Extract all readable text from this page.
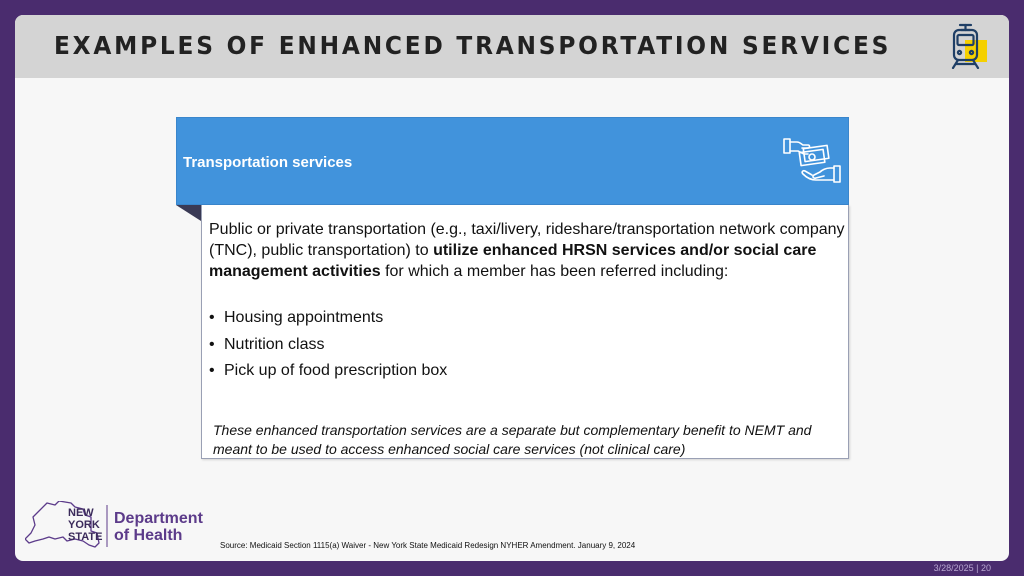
EXAMPLES OF ENHANCED TRANSPORTATION SERVICES
Transportation services
Public or private transportation (e.g., taxi/livery, rideshare/transportation network company (TNC), public transportation) to utilize enhanced HRSN services and/or social care management activities for which a member has been referred including:
• Housing appointments
• Nutrition class
• Pick up of food prescription box
These enhanced transportation services are a separate but complementary benefit to NEMT and meant to be used to access enhanced social care services (not clinical care)
NEW
YORK
STATE
Department
of Health
Source: Medicaid Section 1115(a) Waiver - New York State Medicaid Redesign NYHER Amendment. January 9, 2024
3/28/2025 | 20
